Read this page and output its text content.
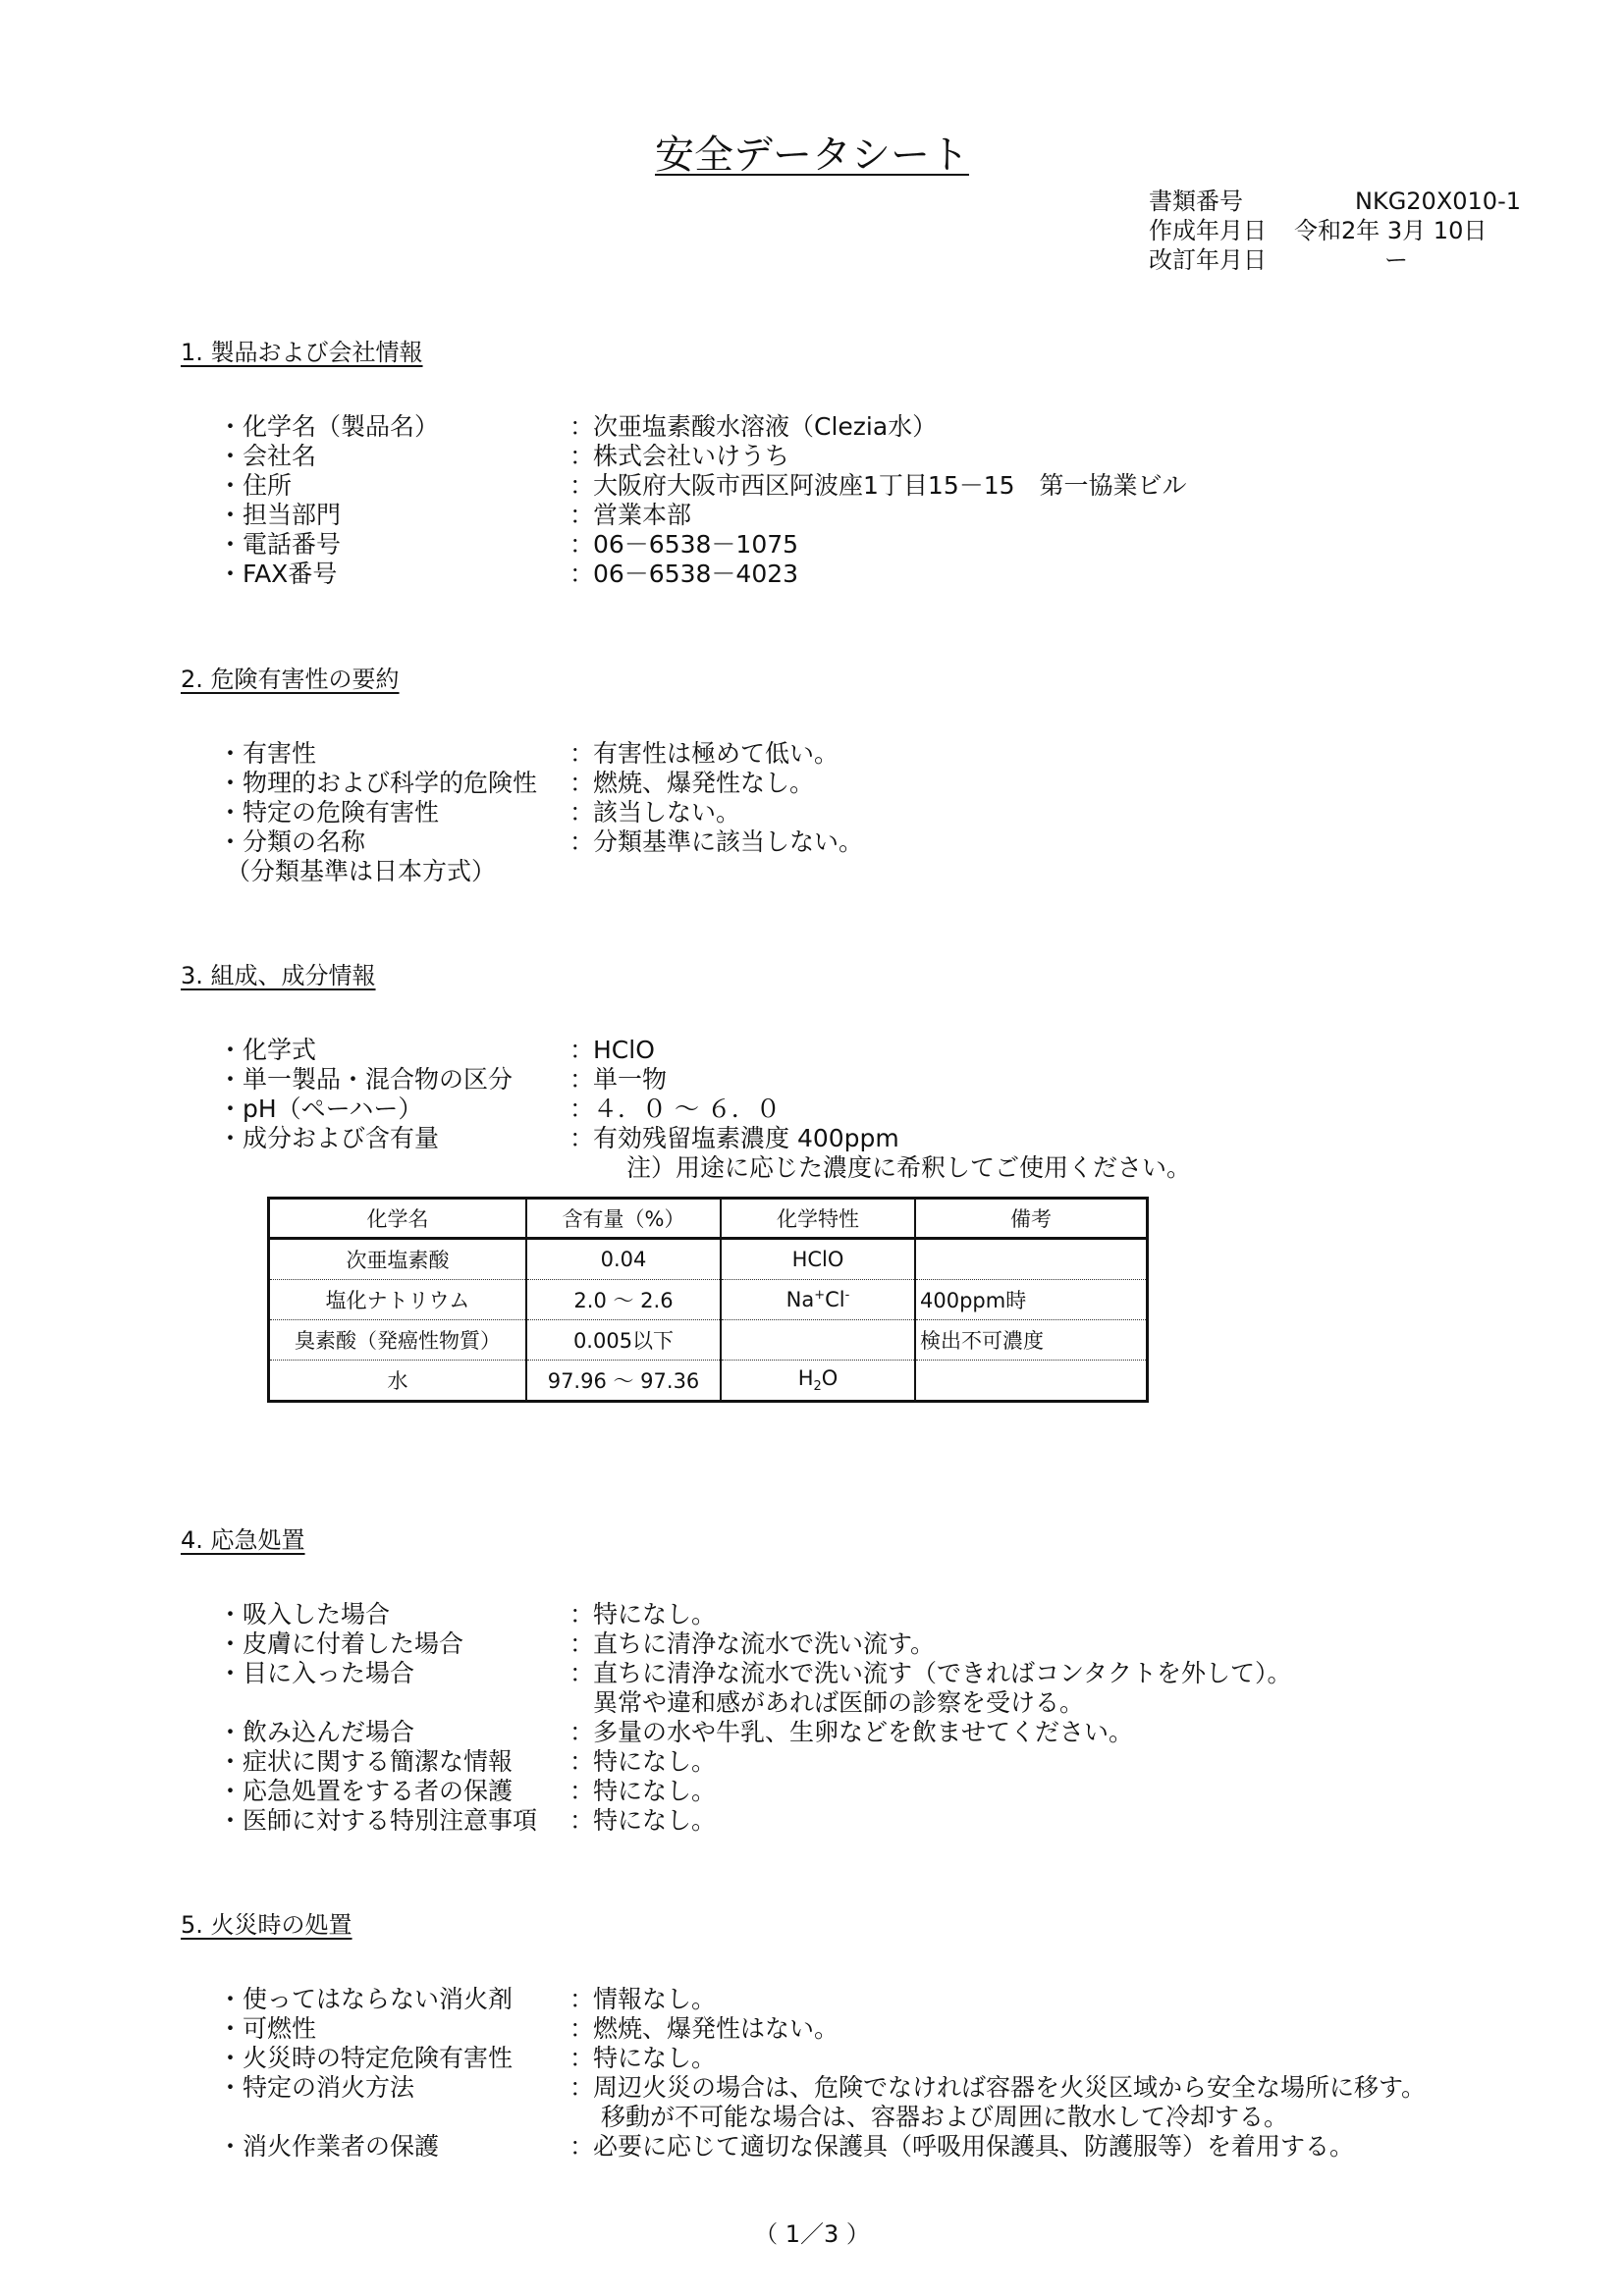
安全データシート
書類番号	NKG20X010-1
作成年月日 令和2年 3月 10日
改訂年月日	ー
1. 製品および会社情報
・化学名（製品名）	：
次亜塩素酸水溶液（Clezia水）
・会社名	：
株式会社いけうち
・住所	：
大阪府大阪市西区阿波座1丁目15－15　第一協業ビル
・担当部門	：
営業本部
・電話番号	：
06－6538－1075
・FAX番号	：
06－6538－4023
2. 危険有害性の要約
・有害性	：
有害性は極めて低い。
・物理的および科学的危険性 ：
燃焼、爆発性なし。
・特定の危険有害性	：
該当しない。
・分類の名称
（分類基準は日本方式）
：
分類基準に該当しない。
3. 組成、成分情報
・化学式	：
HClO
・単一製品・混合物の区分 ：
単一物
・pH（ペーハー）	：
４．０ ～ ６．０
・成分および含有量	：
有効残留塩素濃度 400ppm
注）用途に応じた濃度に希釈してご使用ください。
化学名	含有量（%）	化学特性	備考
次亜塩素酸	0.04	HClO	
塩化ナトリウム	2.0 ～ 2.6	Na+Cl-	400ppm時
臭素酸（発癌性物質）	0.005以下		検出不可濃度
水	97.96 ～ 97.36	$H_2O$	
4. 応急処置
・吸入した場合	：
特になし。
・皮膚に付着した場合	：
直ちに清浄な流水で洗い流す。
・目に入った場合	：
直ちに清浄な流水で洗い流す（できればコンタクトを外して）。
異常や違和感があれば医師の診察を受ける。
・飲み込んだ場合	：
多量の水や牛乳、生卵などを飲ませてください。
・症状に関する簡潔な情報 ：
特になし。
・応急処置をする者の保護 ：
特になし。
・医師に対する特別注意事項 ：
特になし。
5. 火災時の処置
・使ってはならない消火剤 ：
情報なし。
・可燃性	：
燃焼、爆発性はない。
・火災時の特定危険有害性 ：
特になし。
・特定の消火方法	：
周辺火災の場合は、危険でなければ容器を火災区域から安全な場所に移す。
移動が不可能な場合は、容器および周囲に散水して冷却する。
・消火作業者の保護	：
必要に応じて適切な保護具（呼吸用保護具、防護服等）を着用する。
（ 1／3 ）
